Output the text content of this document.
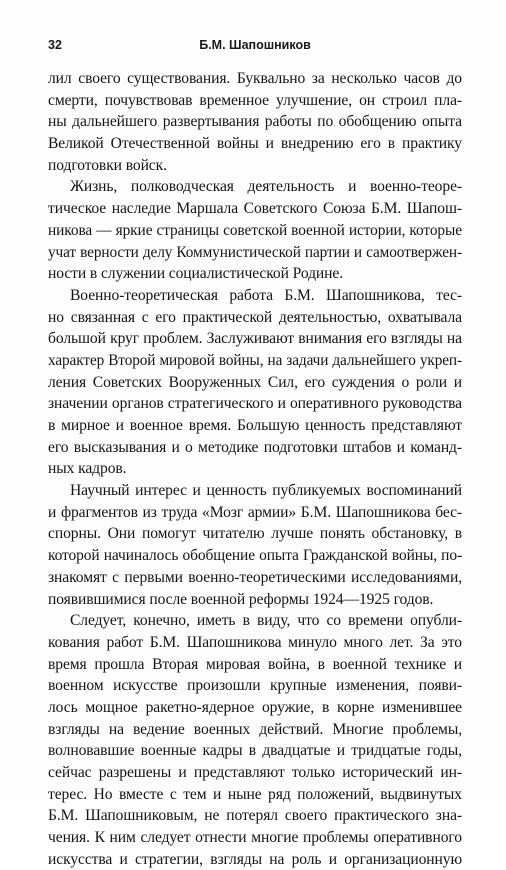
32	Б.М. Шапошников
лил своего существования. Буквально за несколько часов до
смерти, почувствовав временное улучшение, он строил пла-
ны дальнейшего развертывания работы по обобщению опыта
Великой Отечественной войны и внедрению его в практику
подготовки войск.
Жизнь, полководческая деятельность и военно-теоре-
тическое наследие Маршала Советского Союза Б.М. Шапош-
никова — яркие страницы советской военной истории, которые
учат верности делу Коммунистической партии и самоотвержен-
ности в служении социалистической Родине.
Военно-теоретическая работа Б.М. Шапошникова, тес-
но связанная с его практической деятельностью, охватывала
большой круг проблем. Заслуживают внимания его взгляды на
характер Второй мировой войны, на задачи дальнейшего укреп-
ления Советских Вооруженных Сил, его суждения о роли и
значении органов стратегического и оперативного руководства
в мирное и военное время. Большую ценность представляют
его высказывания и о методике подготовки штабов и команд-
ных кадров.
Научный интерес и ценность публикуемых воспоминаний
и фрагментов из труда «Мозг армии» Б.М. Шапошникова бес-
спорны. Они помогут читателю лучше понять обстановку, в
которой начиналось обобщение опыта Гражданской войны, по-
знакомят с первыми военно-теоретическими исследованиями,
появившимися после военной реформы 1924—1925 годов.
Следует, конечно, иметь в виду, что со времени опубли-
кования работ Б.М. Шапошникова минуло много лет. За это
время прошла Вторая мировая война, в военной технике и
военном искусстве произошли крупные изменения, появи-
лось мощное ракетно-ядерное оружие, в корне изменившее
взгляды на ведение военных действий. Многие проблемы,
волновавшие военные кадры в двадцатые и тридцатые годы,
сейчас разрешены и представляют только исторический ин-
терес. Но вместе с тем и ныне ряд положений, выдвинутых
Б.М. Шапошниковым, не потерял своего практического зна-
чения. К ним следует отнести многие проблемы оперативного
искусства и стратегии, взгляды на роль и организационную
